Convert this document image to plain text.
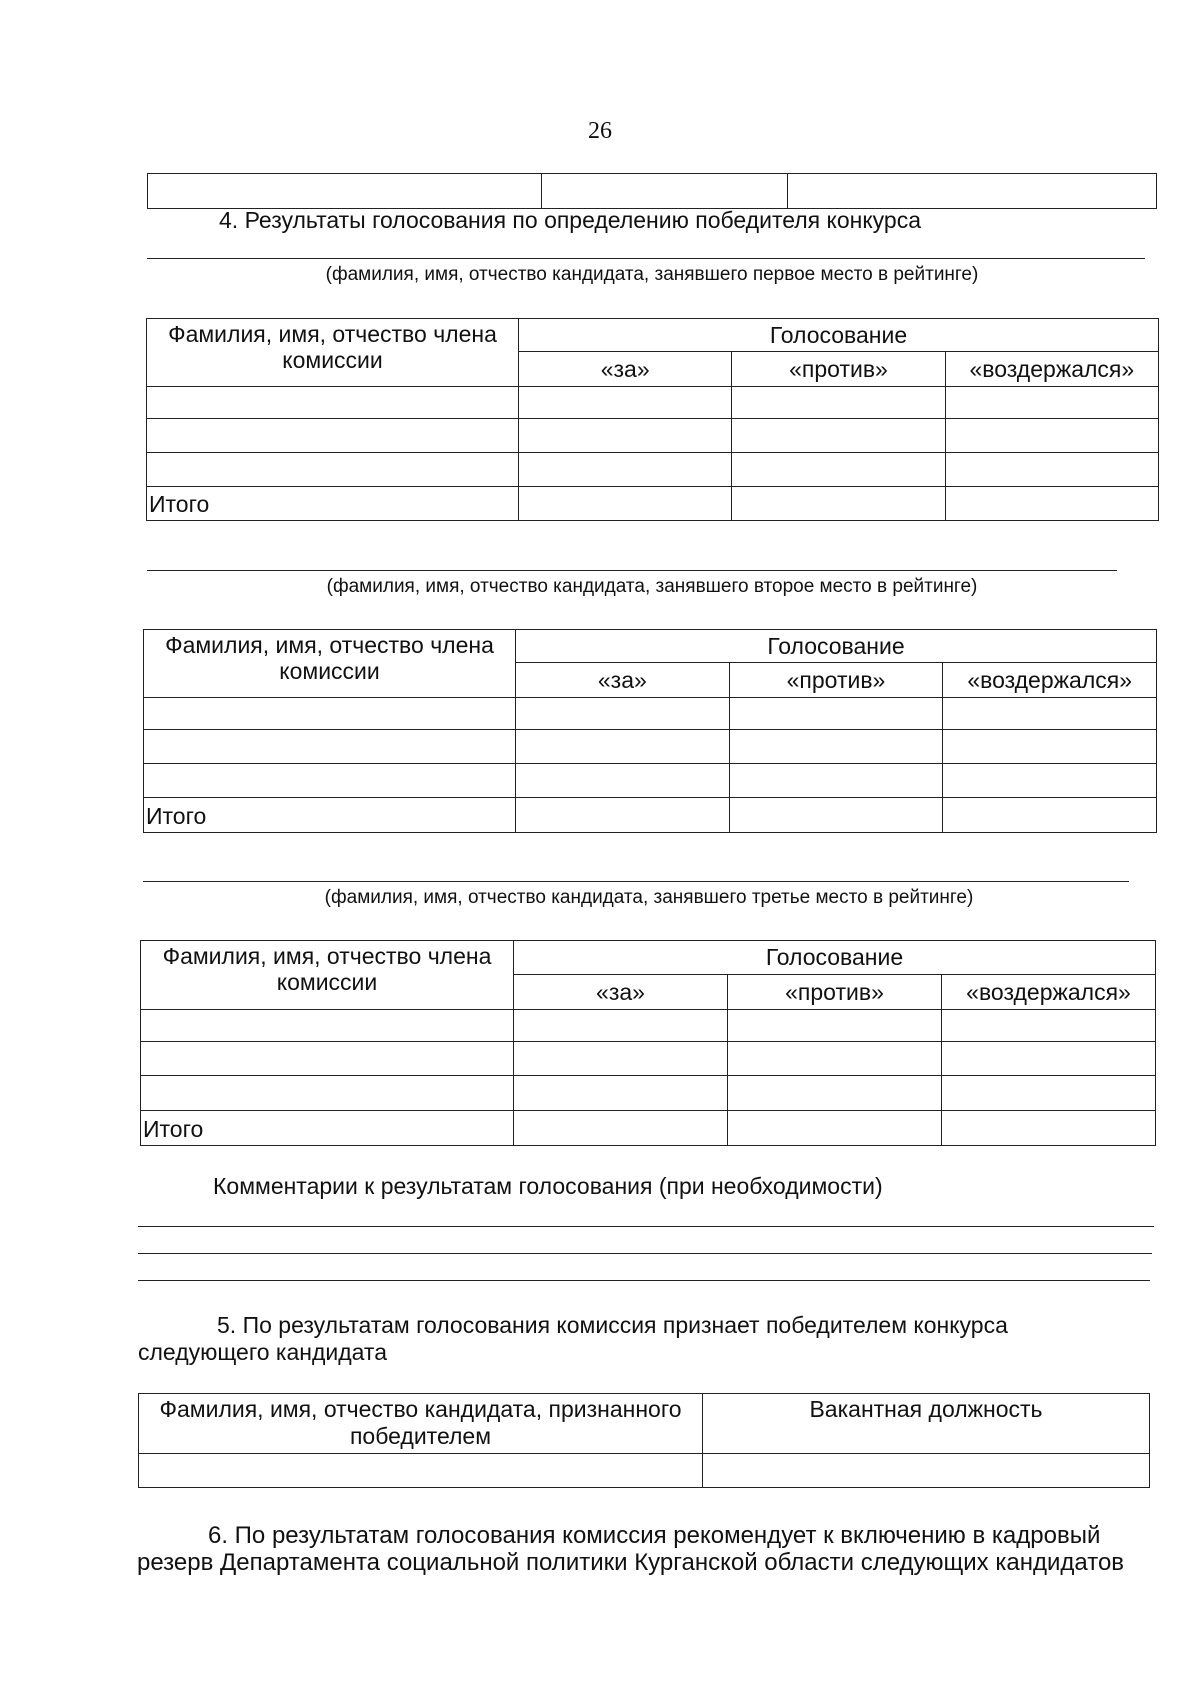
26

4. Результаты голосования по определению победителя конкурса
(фамилия, имя, отчество кандидата, занявшего первое место в рейтинге)
Фамилия, имя, отчество члена комиссии	Голосование		
	«за»	«против»	«воздержался»

Итого			
(фамилия, имя, отчество кандидата, занявшего второе место в рейтинге)
Фамилия, имя, отчество члена комиссии	Голосование		
	«за»	«против»	«воздержался»

Итого			
(фамилия, имя, отчество кандидата, занявшего третье место в рейтинге)
Фамилия, имя, отчество члена комиссии	Голосование		
	«за»	«против»	«воздержался»

Итого			
Комментарии к результатам голосования (при необходимости)
5. По результатам голосования комиссия признает победителем конкурса следующего кандидата
Фамилия, имя, отчество кандидата, признанного победителем	Вакантная должность

6. По результатам голосования комиссия рекомендует к включению в кадровый резерв Департамента социальной политики Курганской области следующих кандидатов
